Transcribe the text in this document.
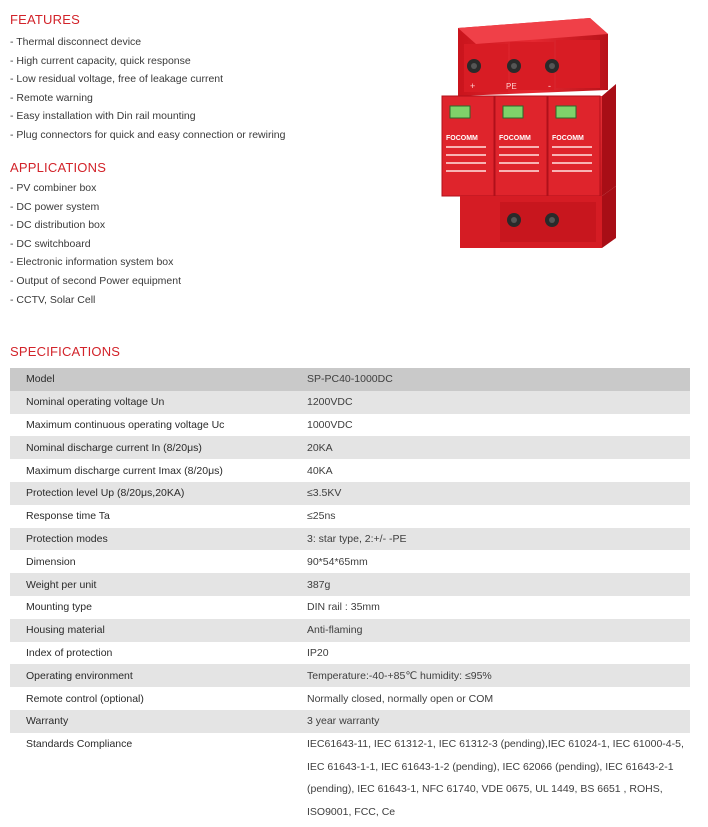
FEATURES
- Thermal disconnect device
- High current capacity, quick response
- Low residual voltage, free of leakage current
- Remote warning
- Easy installation with Din rail mounting
- Plug connectors for quick and easy connection or rewiring
APPLICATIONS
- PV combiner box
- DC power system
- DC distribution box
- DC switchboard
- Electronic information system box
- Output of second Power equipment
- CCTV, Solar Cell
+	PE	-
FOCOMM	FOCOMM	FOCOMM
SPECIFICATIONS
Model	SP-PC40-1000DC
Nominal operating voltage Un	1200VDC
Maximum continuous operating voltage Uc	1000VDC
Nominal discharge current In (8/20μs)	20KA
Maximum discharge current Imax (8/20μs)	40KA
Protection level Up (8/20μs,20KA)	≤3.5KV
Response time Ta	≤25ns
Protection modes	3: star type, 2:+/- -PE
Dimension	90*54*65mm
Weight per unit	387g
Mounting type	DIN rail : 35mm
Housing material	Anti-flaming
Index of protection	IP20
Operating environment	Temperature:-40-+85℃ humidity: ≤95%
Remote control (optional)	Normally closed, normally open or COM
Warranty	3 year warranty
Standards Compliance	IEC61643-11, IEC 61312-1, IEC 61312-3 (pending),IEC 61024-1, IEC 61000-4-5, IEC 61643-1-1, IEC 61643-1-2 (pending), IEC 62066 (pending), IEC 61643-2-1 (pending), IEC 61643-1, NFC 61740, VDE 0675, UL 1449, BS 6651 , ROHS, ISO9001, FCC, Ce
